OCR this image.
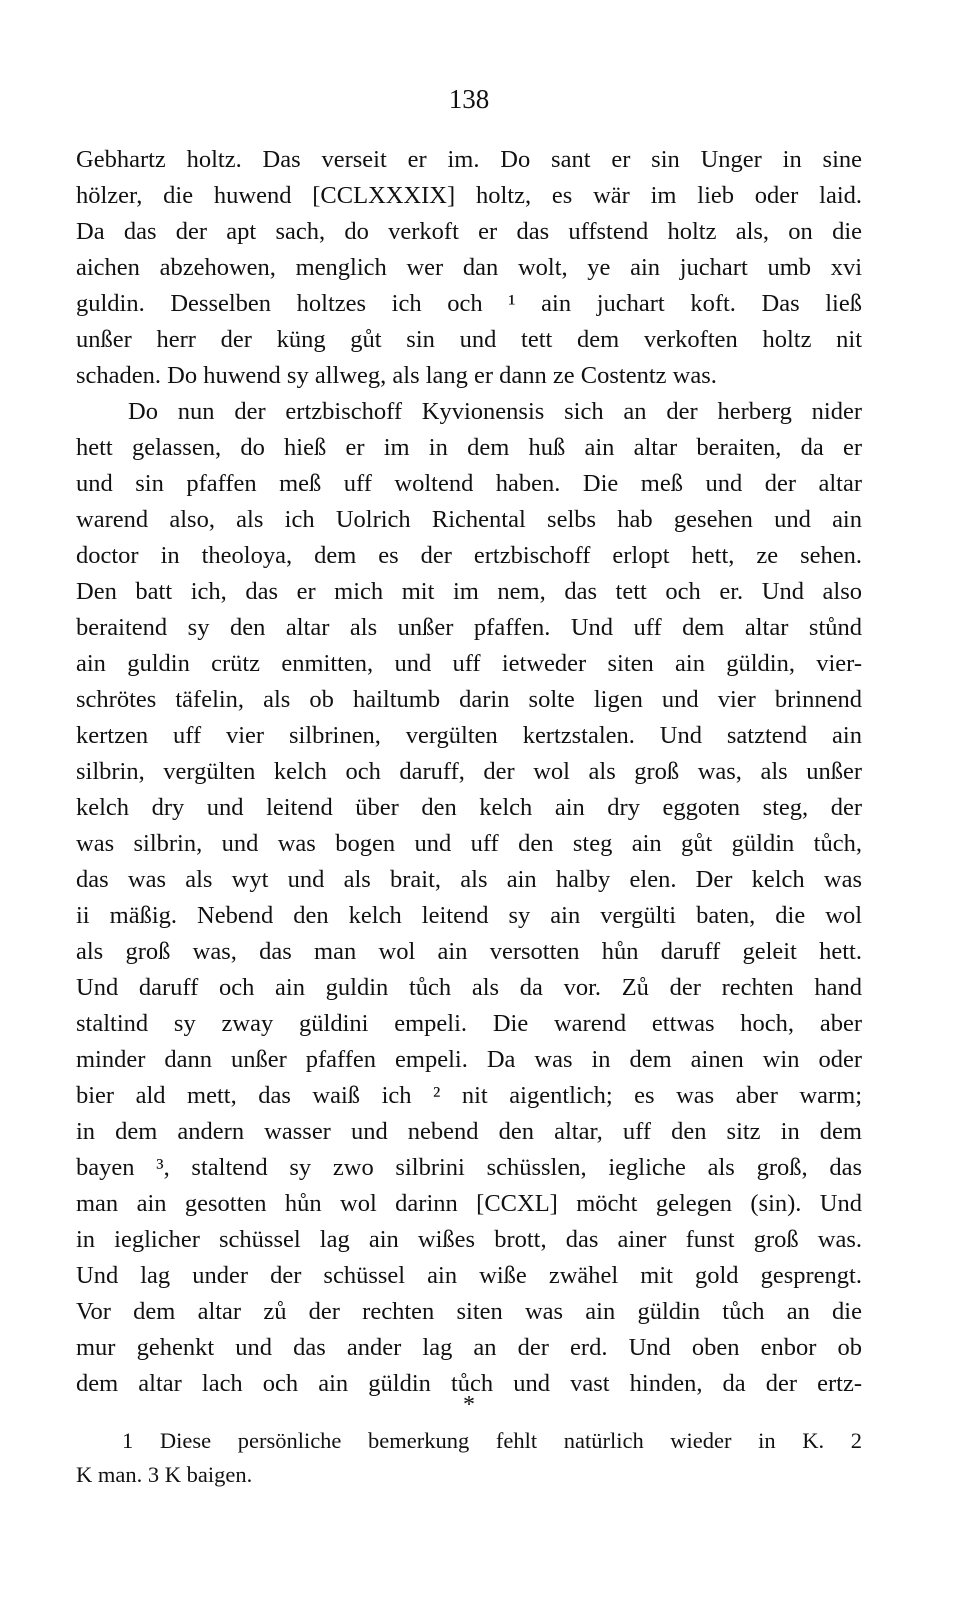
138
Gebhartz holtz. Das verseit er im. Do sant er sin Unger in sine
hölzer, die huwend [CCLXXXIX] holtz, es wär im lieb oder laid.
Da das der apt sach, do verkoft er das uffstend holtz als, on die
aichen abzehowen, menglich wer dan wolt, ye ain juchart umb xvi
guldin. Desselben holtzes ich och ¹ ain juchart koft. Das ließ
unßer herr der küng gůt sin und tett dem verkoften holtz nit
schaden. Do huwend sy allweg, als lang er dann ze Costentz was.
Do nun der ertzbischoff Kyvionensis sich an der herberg nider
hett gelassen, do hieß er im in dem huß ain altar beraiten, da er
und sin pfaffen meß uff woltend haben. Die meß und der altar
warend also, als ich Uolrich Richental selbs hab gesehen und ain
doctor in theoloya, dem es der ertzbischoff erlopt hett, ze sehen.
Den batt ich, das er mich mit im nem, das tett och er. Und also
beraitend sy den altar als unßer pfaffen. Und uff dem altar stůnd
ain guldin crütz enmitten, und uff ietweder siten ain güldin, vier-
schrötes täfelin, als ob hailtumb darin solte ligen und vier brinnend
kertzen uff vier silbrinen, vergülten kertzstalen. Und satztend ain
silbrin, vergülten kelch och daruff, der wol als groß was, als unßer
kelch dry und leitend über den kelch ain dry eggoten steg, der
was silbrin, und was bogen und uff den steg ain gůt güldin tůch,
das was als wyt und als brait, als ain halby elen. Der kelch was
ii mäßig. Nebend den kelch leitend sy ain vergülti baten, die wol
als groß was, das man wol ain versotten hůn daruff geleit hett.
Und daruff och ain guldin tůch als da vor. Zů der rechten hand
staltind sy zway güldini empeli. Die warend ettwas hoch, aber
minder dann unßer pfaffen empeli. Da was in dem ainen win oder
bier ald mett, das waiß ich ² nit aigentlich; es was aber warm;
in dem andern wasser und nebend den altar, uff den sitz in dem
bayen ³, staltend sy zwo silbrini schüsslen, iegliche als groß, das
man ain gesotten hůn wol darinn [CCXL] möcht gelegen (sin). Und
in ieglicher schüssel lag ain wißes brott, das ainer funst groß was.
Und lag under der schüssel ain wiße zwähel mit gold gesprengt.
Vor dem altar zů der rechten siten was ain güldin tůch an die
mur gehenkt und das ander lag an der erd. Und oben enbor ob
dem altar lach och ain güldin tůch und vast hinden, da der ertz-
*
1 Diese persönliche bemerkung fehlt natürlich wieder in K. 2
K man. 3 K baigen.
